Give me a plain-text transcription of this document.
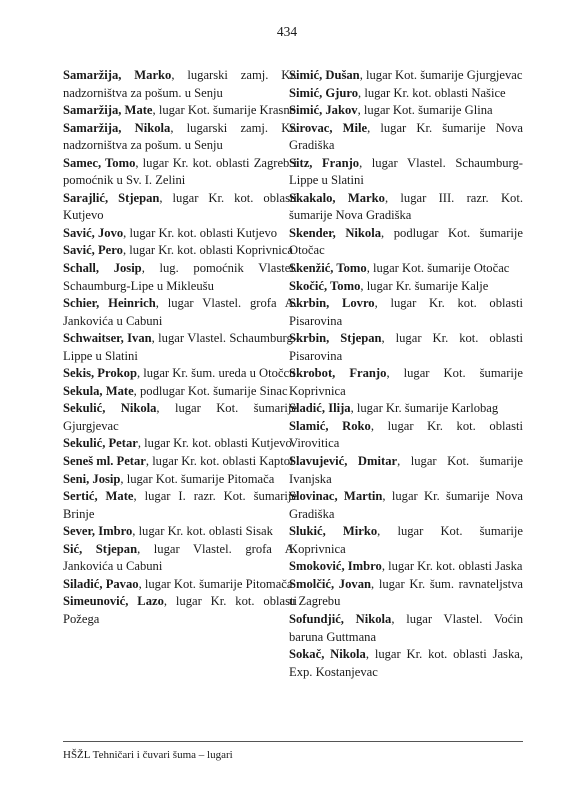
434
Samaržija, Marko, lugarski zamj. Kr. nadzorništva za pošum. u Senju
Samaržija, Mate, lugar Kot. šumarije Krasno
Samaržija, Nikola, lugarski zamj. Kr. nadzorništva za pošum. u Senju
Samec, Tomo, lugar Kr. kot. oblasti Zagreb i pomoćnik u Sv. I. Zelini
Sarajlić, Stjepan, lugar Kr. kot. oblasti Kutjevo
Savić, Jovo, lugar Kr. kot. oblasti Kutjevo
Savić, Pero, lugar Kr. kot. oblasti Koprivnica
Schall, Josip, lug. pomoćnik Vlastel. Schaumburg-Lipe u Mikleušu
Schier, Heinrich, lugar Vlastel. grofa A. Jankovića u Cabuni
Schwaitser, Ivan, lugar Vlastel. Schaumburg-Lippe u Slatini
Sekis, Prokop, lugar Kr. šum. ureda u Otočcu
Sekula, Mate, podlugar Kot. šumarije Sinac
Sekulić, Nikola, lugar Kot. šumarije Gjurgjevac
Sekulić, Petar, lugar Kr. kot. oblasti Kutjevo
Seneš ml. Petar, lugar Kr. kot. oblasti Kaptol
Seni, Josip, lugar Kot. šumarije Pitomača
Sertić, Mate, lugar I. razr. Kot. šumarije Brinje
Sever, Imbro, lugar Kr. kot. oblasti Sisak
Sić, Stjepan, lugar Vlastel. grofa A. Jankovića u Cabuni
Siladić, Pavao, lugar Kot. šumarije Pitomača
Simeunović, Lazo, lugar Kr. kot. oblasti Požega
Simić, Dušan, lugar Kot. šumarije Gjurgjevac
Simić, Gjuro, lugar Kr. kot. oblasti Našice
Simić, Jakov, lugar Kot. šumarije Glina
Sirovac, Mile, lugar Kr. šumarije Nova Gradiška
Sitz, Franjo, lugar Vlastel. Schaumburg-Lippe u Slatini
Skakalo, Marko, lugar III. razr. Kot. šumarije Nova Gradiška
Skender, Nikola, podlugar Kot. šumarije Otočac
Skenžić, Tomo, lugar Kot. šumarije Otočac
Skočić, Tomo, lugar Kr. šumarije Kalje
Skrbin, Lovro, lugar Kr. kot. oblasti Pisarovina
Skrbin, Stjepan, lugar Kr. kot. oblasti Pisarovina
Skrobot, Franjo, lugar Kot. šumarije Koprivnica
Sladić, Ilija, lugar Kr. šumarije Karlobag
Slamić, Roko, lugar Kr. kot. oblasti Virovitica
Slavujević, Dmitar, lugar Kot. šumarije Ivanjska
Slovinac, Martin, lugar Kr. šumarije Nova Gradiška
Slukić, Mirko, lugar Kot. šumarije Koprivnica
Smoković, Imbro, lugar Kr. kot. oblasti Jaska
Smolčić, Jovan, lugar Kr. šum. ravnateljstva u Zagrebu
Sofundjić, Nikola, lugar Vlastel. Voćin baruna Guttmana
Sokač, Nikola, lugar Kr. kot. oblasti Jaska, Exp. Kostanjevac
HŠŽL Tehničari i čuvari šuma – lugari
